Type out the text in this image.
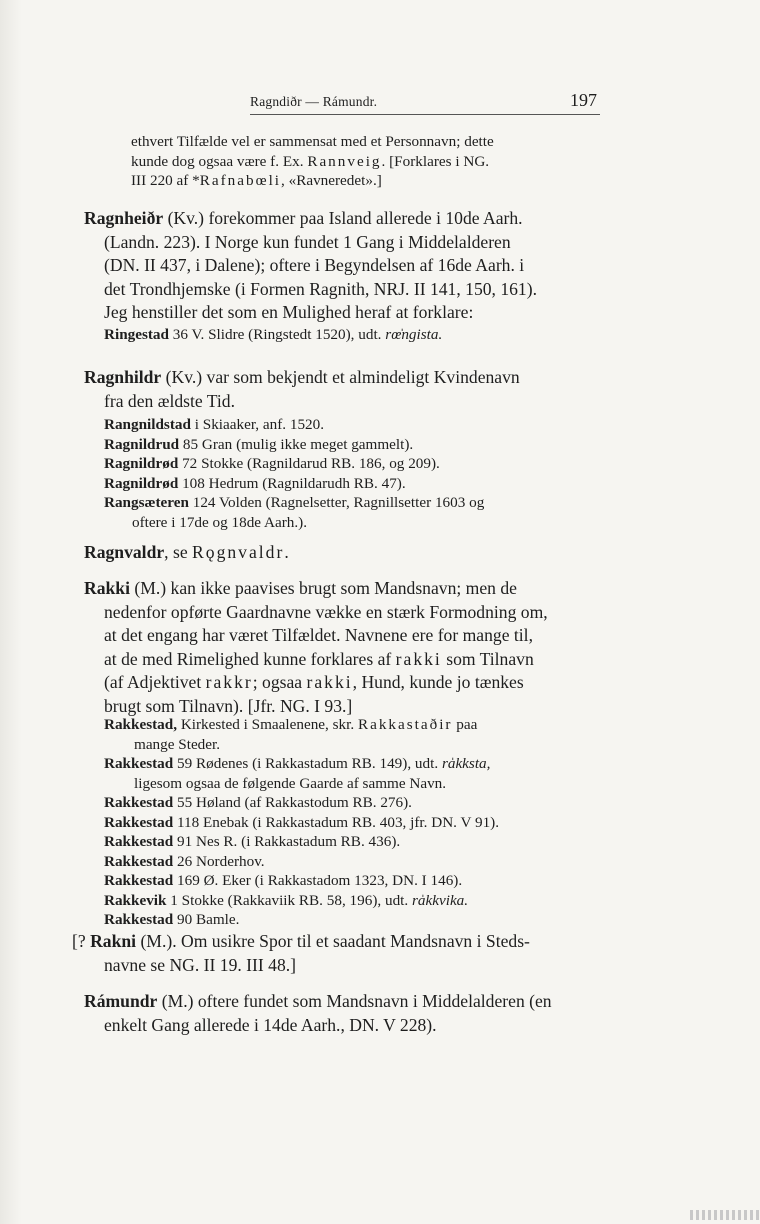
Ragndiðr — Rámundr.	197
ethvert Tilfælde vel er sammensat med et Personnavn; dette
kunde dog ogsaa være f. Ex. Rannveig. [Forklares i NG.
III 220 af *Rafnabœli, «Ravneredet».]
Ragnheiðr (Kv.) forekommer paa Island allerede i 10de Aarh.
(Landn. 223). I Norge kun fundet 1 Gang i Middelalderen
(DN. II 437, i Dalene); oftere i Begyndelsen af 16de Aarh. i
det Trondhjemske (i Formen Ragnith, NRJ. II 141, 150, 161).
Jeg henstiller det som en Mulighed heraf at forklare:
Ringestad 36 V. Slidre (Ringstedt 1520), udt. rœ̍ngista.
Ragnhildr (Kv.) var som bekjendt et almindeligt Kvindenavn
fra den ældste Tid.
Rangnildstad i Skiaaker, anf. 1520.
Ragnildrud 85 Gran (mulig ikke meget gammelt).
Ragnildrød 72 Stokke (Ragnildarud RB. 186, og 209).
Ragnildrød 108 Hedrum (Ragnildarudh RB. 47).
Rangsæteren 124 Volden (Ragnelsetter, Ragnillsetter 1603 og
oftere i 17de og 18de Aarh.).
Ragnvaldr, se Rǫgnvaldr.
Rakki (M.) kan ikke paavises brugt som Mandsnavn; men de
nedenfor opførte Gaardnavne vække en stærk Formodning om,
at det engang har været Tilfældet. Navnene ere for mange til,
at de med Rimelighed kunne forklares af rakki som Tilnavn
(af Adjektivet rakkr; ogsaa rakki, Hund, kunde jo tænkes
brugt som Tilnavn). [Jfr. NG. I 93.]
Rakkestad, Kirkested i Smaalenene, skr. Rakkastaðir paa
mange Steder.
Rakkestad 59 Rødenes (i Rakkastadum RB. 149), udt. ra̍kksta,
ligesom ogsaa de følgende Gaarde af samme Navn.
Rakkestad 55 Høland (af Rakkastodum RB. 276).
Rakkestad 118 Enebak (i Rakkastadum RB. 403, jfr. DN. V 91).
Rakkestad 91 Nes R. (i Rakkastadum RB. 436).
Rakkestad 26 Norderhov.
Rakkestad 169 Ø. Eker (i Rakkastadom 1323, DN. I 146).
Rakkevik 1 Stokke (Rakkaviik RB. 58, 196), udt. ra̍kkvika.
Rakkestad 90 Bamle.
[? Rakni (M.). Om usikre Spor til et saadant Mandsnavn i Steds-
navne se NG. II 19. III 48.]
Rámundr (M.) oftere fundet som Mandsnavn i Middelalderen (en
enkelt Gang allerede i 14de Aarh., DN. V 228).
